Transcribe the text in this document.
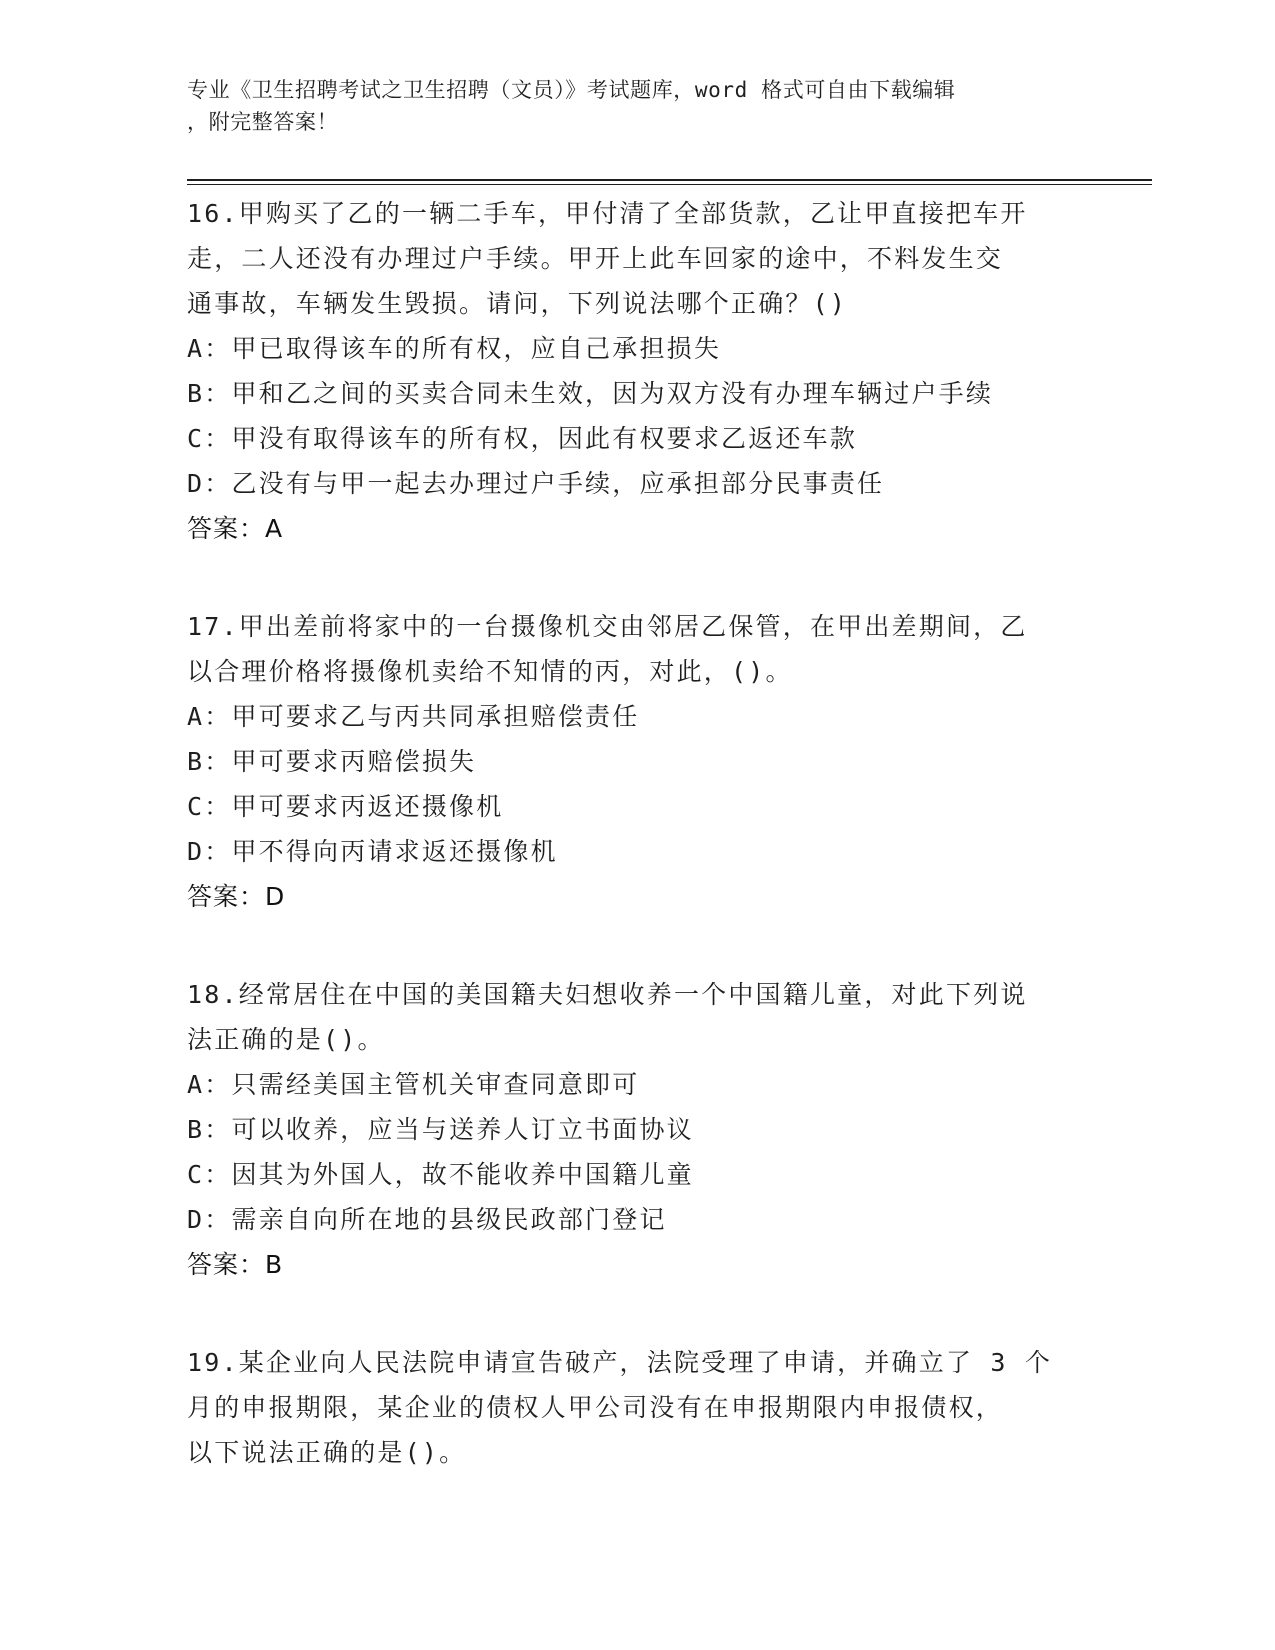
专业《卫生招聘考试之卫生招聘（文员）》考试题库，word 格式可自由下载编辑
，附完整答案！
16.甲购买了乙的一辆二手车，甲付清了全部货款，乙让甲直接把车开
走，二人还没有办理过户手续。甲开上此车回家的途中，不料发生交
通事故，车辆发生毁损。请问，下列说法哪个正确？()
A：甲已取得该车的所有权，应自己承担损失
B：甲和乙之间的买卖合同未生效，因为双方没有办理车辆过户手续
C：甲没有取得该车的所有权，因此有权要求乙返还车款
D：乙没有与甲一起去办理过户手续，应承担部分民事责任
答案：A
17.甲出差前将家中的一台摄像机交由邻居乙保管，在甲出差期间，乙
以合理价格将摄像机卖给不知情的丙，对此，()。
A：甲可要求乙与丙共同承担赔偿责任
B：甲可要求丙赔偿损失
C：甲可要求丙返还摄像机
D：甲不得向丙请求返还摄像机
答案：D
18.经常居住在中国的美国籍夫妇想收养一个中国籍儿童，对此下列说
法正确的是()。
A：只需经美国主管机关审查同意即可
B：可以收养，应当与送养人订立书面协议
C：因其为外国人，故不能收养中国籍儿童
D：需亲自向所在地的县级民政部门登记
答案：B
19.某企业向人民法院申请宣告破产，法院受理了申请，并确立了 3 个
月的申报期限，某企业的债权人甲公司没有在申报期限内申报债权，
以下说法正确的是()。
